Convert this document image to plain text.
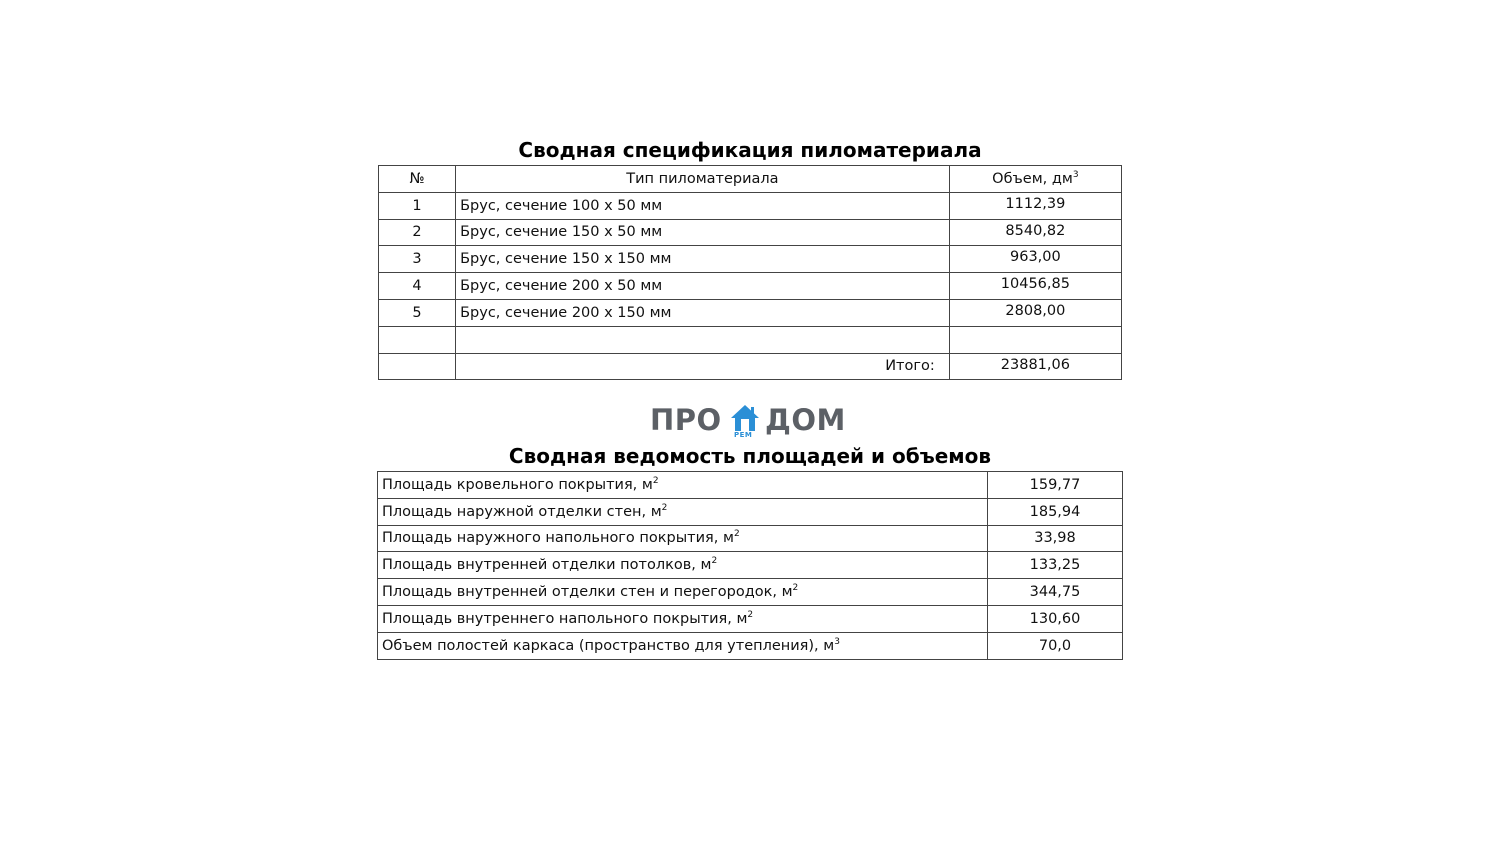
Сводная спецификация пиломатериала
№	Тип пиломатериала	Объем, $дм^3$
1	Брус, сечение 100 х 50 мм	1112,39
2	Брус, сечение 150 х 50 мм	8540,82
3	Брус, сечение 150 х 150 мм	963,00
4	Брус, сечение 200 х 50 мм	10456,85
5	Брус, сечение 200 х 150 мм	2808,00

	Итого:	23881,06
ПРО РЕМ ДОМ
Сводная ведомость площадей и объемов
Площадь кровельного покрытия, $м^2$	159,77
Площадь наружной отделки стен, $м^2$	185,94
Площадь наружного напольного покрытия, $м^2$	33,98
Площадь внутренней отделки потолков, $м^2$	133,25
Площадь внутренней отделки стен и перегородок, $м^2$	344,75
Площадь внутреннего напольного покрытия, $м^2$	130,60
Объем полостей каркаса (пространство для утепления), $м^3$	70,0
